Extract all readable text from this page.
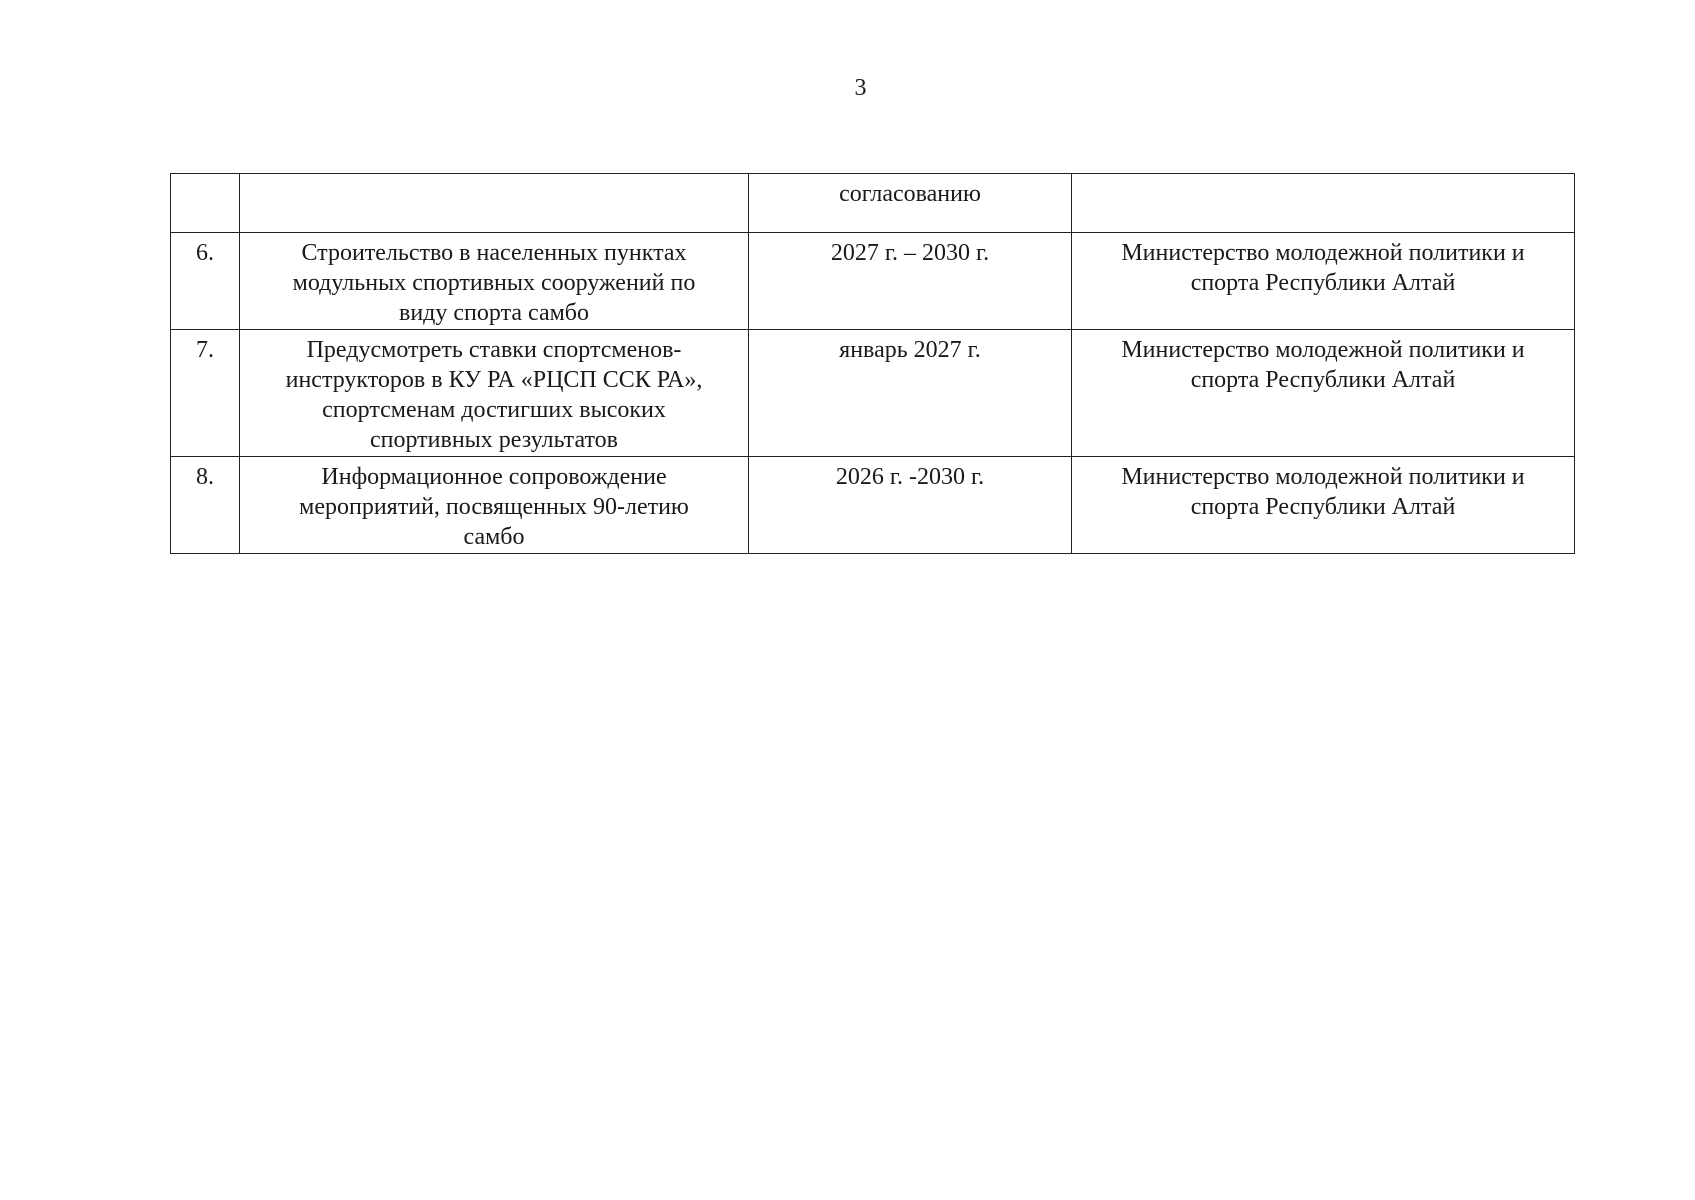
3
		согласованию	
6.	Строительство в населенных пунктах
модульных спортивных сооружений по
виду спорта самбо	2027 г. – 2030 г.	Министерство молодежной политики и
спорта Республики Алтай

7.	Предусмотреть ставки спортсменов-
инструкторов в КУ РА «РЦСП ССК РА»,
спортсменам достигших высоких
спортивных результатов	январь 2027 г.	Министерство молодежной политики и
спорта Республики Алтай

8.	Информационное сопровождение
мероприятий, посвященных 90-летию
самбо	2026 г. -2030 г.	Министерство молодежной политики и
спорта Республики Алтай
